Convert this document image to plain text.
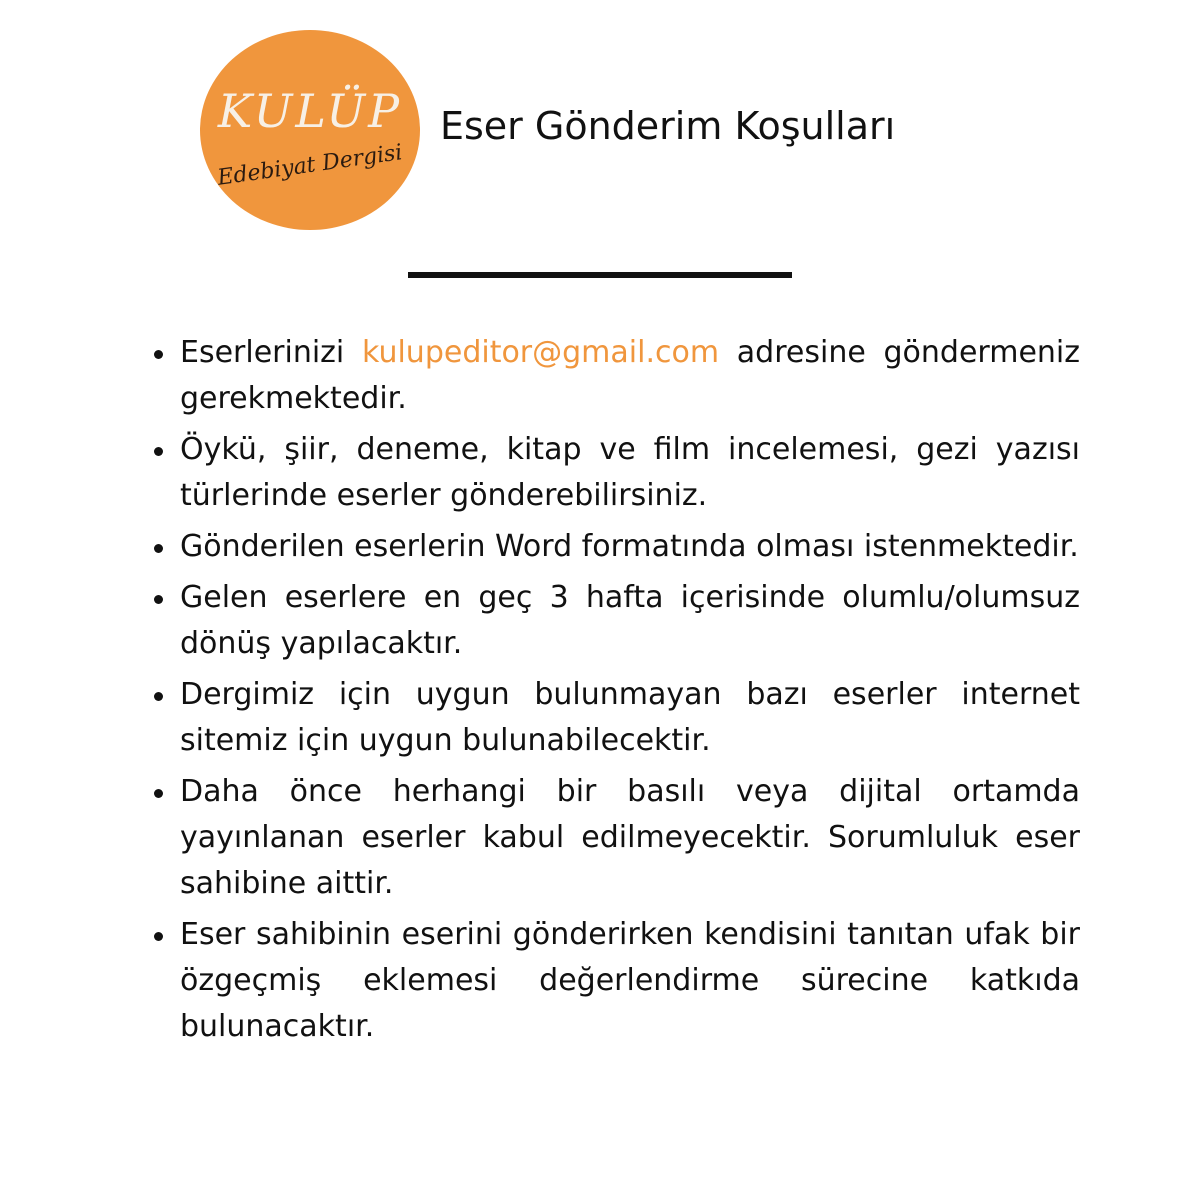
KULÜP
Edebiyat Dergisi
Eser Gönderim Koşulları
Eserlerinizi kulupeditor@gmail.com adresine göndermeniz gerekmektedir.
Öykü, şiir, deneme, kitap ve film incelemesi, gezi yazısı türlerinde eserler gönderebilirsiniz.
Gönderilen eserlerin Word formatında olması istenmektedir.
Gelen eserlere en geç 3 hafta içerisinde olumlu/olumsuz dönüş yapılacaktır.
Dergimiz için uygun bulunmayan bazı eserler internet sitemiz için uygun bulunabilecektir.
Daha önce herhangi bir basılı veya dijital ortamda yayınlanan eserler kabul edilmeyecektir. Sorumluluk eser sahibine aittir.
Eser sahibinin eserini gönderirken kendisini tanıtan ufak bir özgeçmiş eklemesi değerlendirme sürecine katkıda bulunacaktır.
